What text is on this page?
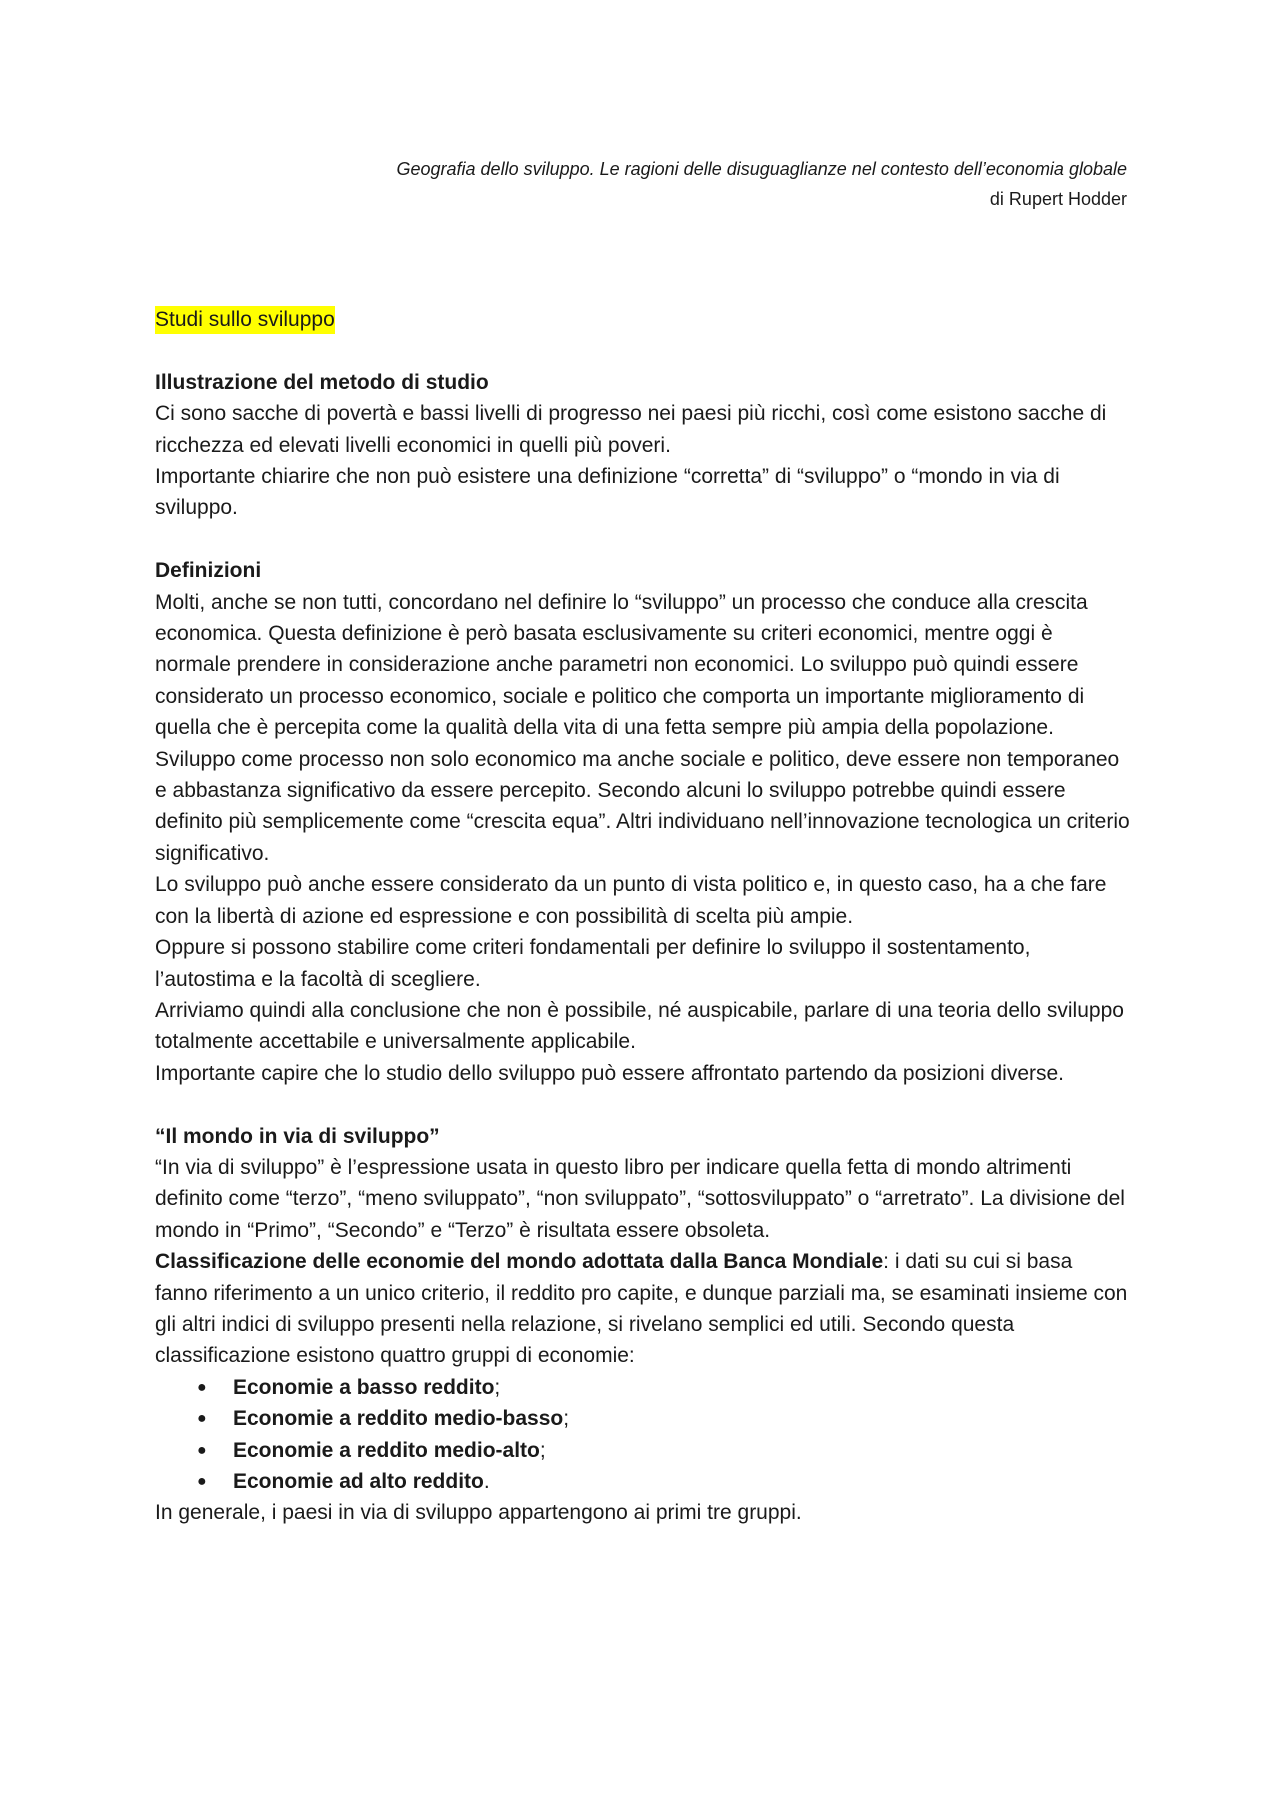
Geografia dello sviluppo. Le ragioni delle disuguaglianze nel contesto dell’economia globale
di Rupert Hodder

Studi sullo sviluppo

Illustrazione del metodo di studio

Ci sono sacche di povertà e bassi livelli di progresso nei paesi più ricchi, così come esistono sacche di ricchezza ed elevati livelli economici in quelli più poveri.

Importante chiarire che non può esistere una definizione “corretta” di “sviluppo” o “mondo in via di sviluppo.

Definizioni

Molti, anche se non tutti, concordano nel definire lo “sviluppo” un processo che conduce alla crescita economica. Questa definizione è però basata esclusivamente su criteri economici, mentre oggi è normale prendere in considerazione anche parametri non economici. Lo sviluppo può quindi essere considerato un processo economico, sociale e politico che comporta un importante miglioramento di quella che è percepita come la qualità della vita di una fetta sempre più ampia della popolazione.

Sviluppo come processo non solo economico ma anche sociale e politico, deve essere non temporaneo e abbastanza significativo da essere percepito. Secondo alcuni lo sviluppo potrebbe quindi essere definito più semplicemente come “crescita equa”. Altri individuano nell’innovazione tecnologica un criterio significativo.

Lo sviluppo può anche essere considerato da un punto di vista politico e, in questo caso, ha a che fare con la libertà di azione ed espressione e con possibilità di scelta più ampie.

Oppure si possono stabilire come criteri fondamentali per definire lo sviluppo il sostentamento, l’autostima e la facoltà di scegliere.

Arriviamo quindi alla conclusione che non è possibile, né auspicabile, parlare di una teoria dello sviluppo totalmente accettabile e universalmente applicabile.

Importante capire che lo studio dello sviluppo può essere affrontato partendo da posizioni diverse.

“Il mondo in via di sviluppo”

“In via di sviluppo” è l’espressione usata in questo libro per indicare quella fetta di mondo altrimenti definito come “terzo”, “meno sviluppato”, “non sviluppato”, “sottosviluppato” o “arretrato”. La divisione del mondo in “Primo”, “Secondo” e “Terzo” è risultata essere obsoleta.

Classificazione delle economie del mondo adottata dalla Banca Mondiale: i dati su cui si basa fanno riferimento a un unico criterio, il reddito pro capite, e dunque parziali ma, se esaminati insieme con gli altri indici di sviluppo presenti nella relazione, si rivelano semplici ed utili. Secondo questa classificazione esistono quattro gruppi di economie:

● Economie a basso reddito;
● Economie a reddito medio-basso;
● Economie a reddito medio-alto;
● Economie ad alto reddito.

In generale, i paesi in via di sviluppo appartengono ai primi tre gruppi.
